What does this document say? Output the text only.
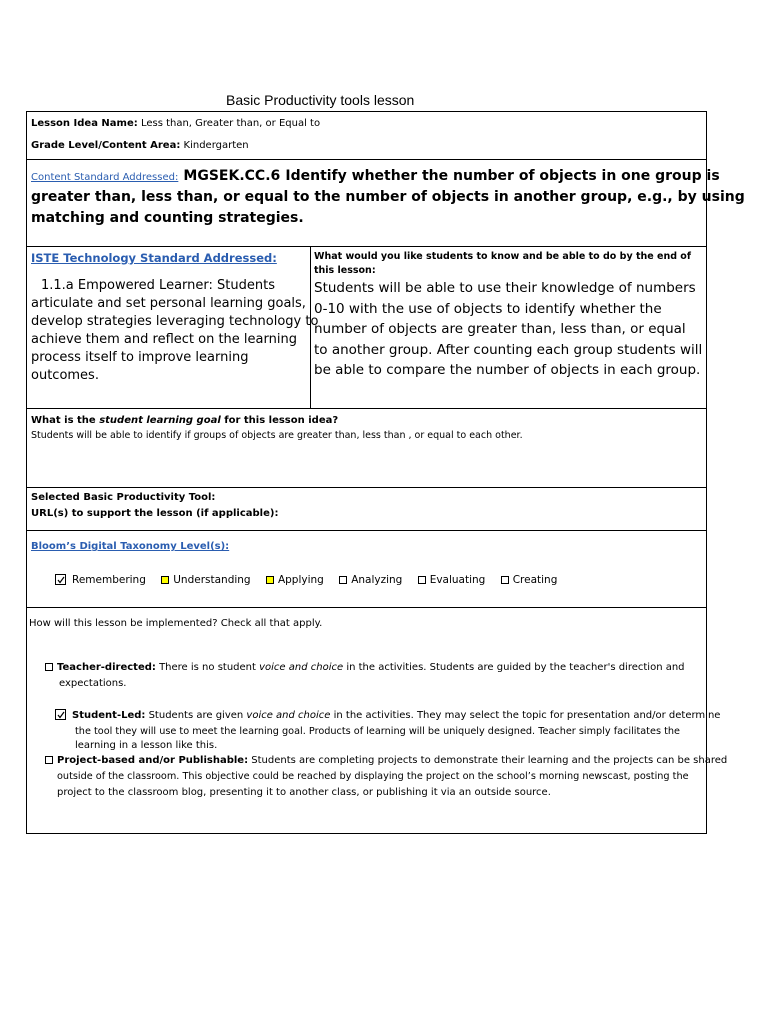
Basic Productivity tools lesson
Lesson Idea Name: Less than, Greater than, or Equal to
Grade Level/Content Area: Kindergarten
Content Standard Addressed: MGSEK.CC.6 Identify whether the number of objects in one group is
greater than, less than, or equal to the number of objects in another group, e.g., by using
matching and counting strategies.
ISTE Technology Standard Addressed:
1.1.a Empowered Learner: Students
articulate and set personal learning goals,
develop strategies leveraging technology to
achieve them and reflect on the learning
process itself to improve learning
outcomes.
What would you like students to know and be able to do by the end of
this lesson:
Students will be able to use their knowledge of numbers
0-10 with the use of objects to identify whether the
number of objects are greater than, less than, or equal
to another group. After counting each group students will
be able to compare the number of objects in each group.
What is the student learning goal for this lesson idea?
Students will be able to identify if groups of objects are greater than, less than , or equal to each other.
Selected Basic Productivity Tool:
URL(s) to support the lesson (if applicable):
Bloom’s Digital Taxonomy Level(s):
Remembering	Understanding	Applying	Analyzing	Evaluating	Creating
How will this lesson be implemented? Check all that apply.
Teacher-directed: There is no student voice and choice in the activities. Students are guided by the teacher's direction and
expectations.
Student-Led: Students are given voice and choice in the activities. They may select the topic for presentation and/or determine
the tool they will use to meet the learning goal. Products of learning will be uniquely designed. Teacher simply facilitates the
learning in a lesson like this.
Project-based and/or Publishable: Students are completing projects to demonstrate their learning and the projects can be shared
outside of the classroom. This objective could be reached by displaying the project on the school’s morning newscast, posting the
project to the classroom blog, presenting it to another class, or publishing it via an outside source.
